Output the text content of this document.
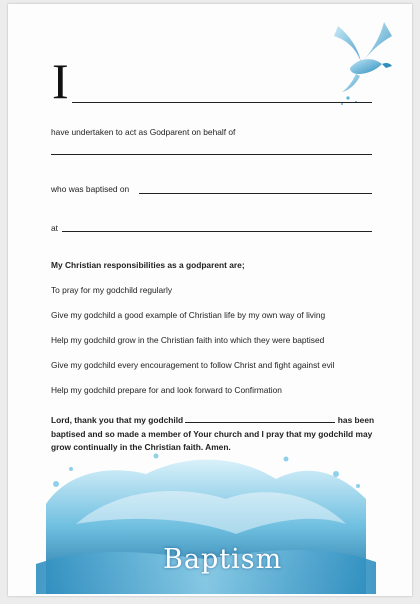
I
have undertaken to act as Godparent on behalf of
who was baptised on
at
My Christian responsibilities as a godparent are;
To pray for my godchild regularly
Give my godchild a good example of Christian life by my own way of living
Help my godchild grow in the Christian faith into which they were baptised
Give my godchild every encouragement to follow Christ and fight against evil
Help my godchild prepare for and look forward to Confirmation
Lord, thank you that my godchild	has been baptised and so made a member of Your church and I pray that my godchild may grow continually in the Christian faith. Amen.
Baptism
